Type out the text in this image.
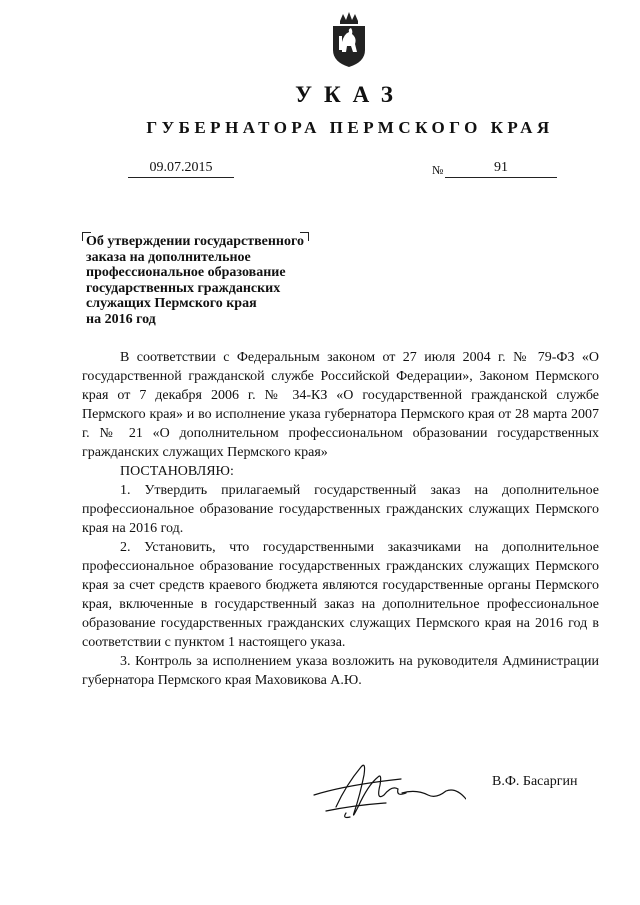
УКАЗ
ГУБЕРНАТОРА ПЕРМСКОГО КРАЯ
09.07.2015	№	91
Об утверждении государственного
заказа на дополнительное
профессиональное образование
государственных гражданских
служащих Пермского края
на 2016 год

В соответствии с Федеральным законом от 27 июля 2004 г. № 79-ФЗ «О государственной гражданской службе Российской Федерации», Законом Пермского края от 7 декабря 2006 г. № 34-КЗ «О государственной гражданской службе Пермского края» и во исполнение указа губернатора Пермского края от 28 марта 2007 г. № 21 «О дополнительном профессиональном образовании государственных гражданских служащих Пермского края»

ПОСТАНОВЛЯЮ:

1. Утвердить прилагаемый государственный заказ на дополнительное профессиональное образование государственных гражданских служащих Пермского края на 2016 год.

2. Установить, что государственными заказчиками на дополнительное профессиональное образование государственных гражданских служащих Пермского края за счет средств краевого бюджета являются государственные органы Пермского края, включенные в государственный заказ на дополнительное профессиональное образование государственных гражданских служащих Пермского края на 2016 год в соответствии с пунктом 1 настоящего указа.

3. Контроль за исполнением указа возложить на руководителя Администрации губернатора Пермского края Маховикова А.Ю.

В.Ф. Басаргин
